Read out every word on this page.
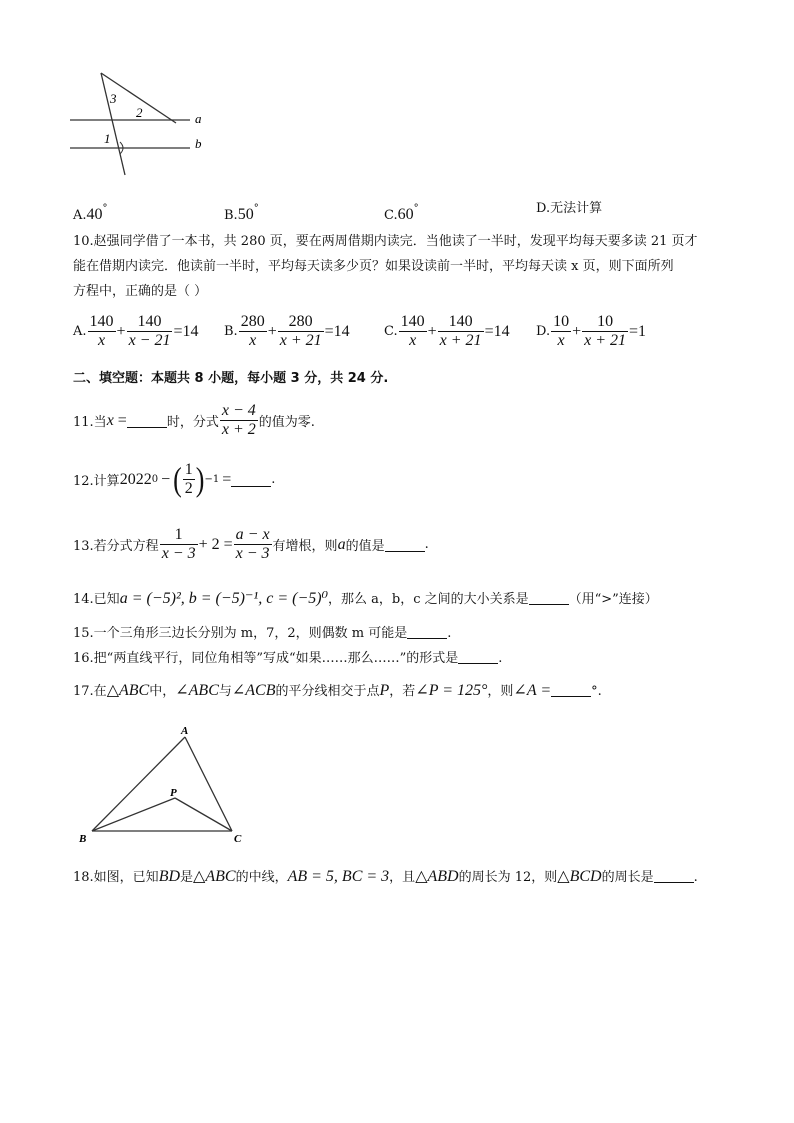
3
2	a
1	b
A.40°	B.50°	C.60°	D.无法计算
10.赵强同学借了一本书，共 280 页，要在两周借期内读完．当他读了一半时，发现平均每天要多读 21 页才
能在借期内读完．他读前一半时，平均每天读多少页？如果设读前一半时，平均每天读 x 页，则下面所列
方程中，正确的是（ ）
A. $\frac{140}{x} + \frac{140}{x - 21} =14$ B. $\frac{280}{x} + \frac{280}{x + 21} =14$	C. $\frac{140}{x} + \frac{140}{x + 21} =14$ D. $\frac{10}{x} + \frac{10}{x + 21} =1$
二、填空题：本题共 8 小题，每小题 3 分，共 24 分.
11.当 x
=	时，分式 $\frac{x - 4}{x + 2}$ 的值为零.
12.计算 2022 0 − ( $\frac{1}{2}$ ) −1 =	.
13.若分式方程 $\frac{1}{x - 3} + 2 = \frac{a - x}{x - 3}$ 有增根，则 a 的值是	.
14.已知a = (−5)², b = (−5)⁻¹, c = (−5)⁰，那么 a，b，c 之间的大小关系是	（用“>”连接）
15.一个三角形三边长分别为 m，7，2，则偶数 m 可能是	.
16.把“两直线平行，同位角相等”写成“如果……那么……”的形式是	.
17.在△ABC中，∠ABC与∠ACB的平分线相交于点P，若∠P = 125°，则∠A =	°.
A
P
B	C
18.如图，已知BD是△ABC的中线，AB = 5, BC = 3，且△ABD的周长为 12，则△BCD的周长是	.
